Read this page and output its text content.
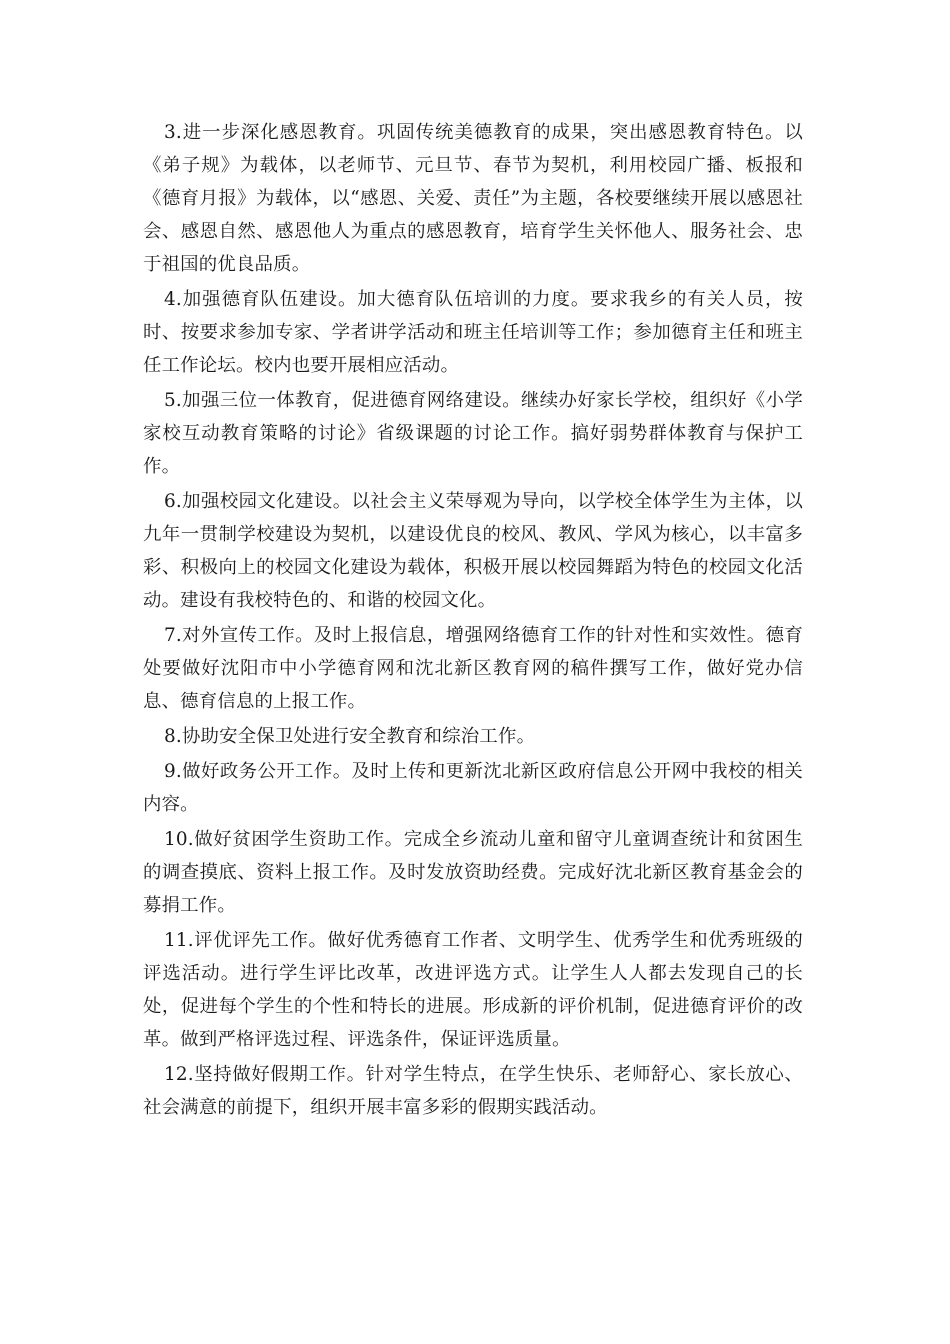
3.进一步深化感恩教育。巩固传统美德教育的成果，突出感恩教育特色。以《弟子规》为载体，以老师节、元旦节、春节为契机，利用校园广播、板报和《德育月报》为载体，以“感恩、关爱、责任”为主题，各校要继续开展以感恩社会、感恩自然、感恩他人为重点的感恩教育，培育学生关怀他人、服务社会、忠于祖国的优良品质。

4.加强德育队伍建设。加大德育队伍培训的力度。要求我乡的有关人员，按时、按要求参加专家、学者讲学活动和班主任培训等工作；参加德育主任和班主任工作论坛。校内也要开展相应活动。

5.加强三位一体教育，促进德育网络建设。继续办好家长学校，组织好《小学家校互动教育策略的讨论》省级课题的讨论工作。搞好弱势群体教育与保护工作。

6.加强校园文化建设。以社会主义荣辱观为导向，以学校全体学生为主体，以九年一贯制学校建设为契机，以建设优良的校风、教风、学风为核心，以丰富多彩、积极向上的校园文化建设为载体，积极开展以校园舞蹈为特色的校园文化活动。建设有我校特色的、和谐的校园文化。

7.对外宣传工作。及时上报信息，增强网络德育工作的针对性和实效性。德育处要做好沈阳市中小学德育网和沈北新区教育网的稿件撰写工作，做好党办信息、德育信息的上报工作。

8.协助安全保卫处进行安全教育和综治工作。

9.做好政务公开工作。及时上传和更新沈北新区政府信息公开网中我校的相关内容。

10.做好贫困学生资助工作。完成全乡流动儿童和留守儿童调查统计和贫困生的调查摸底、资料上报工作。及时发放资助经费。完成好沈北新区教育基金会的募捐工作。

11.评优评先工作。做好优秀德育工作者、文明学生、优秀学生和优秀班级的评选活动。进行学生评比改革，改进评选方式。让学生人人都去发现自己的长处，促进每个学生的个性和特长的进展。形成新的评价机制，促进德育评价的改革。做到严格评选过程、评选条件，保证评选质量。

12.坚持做好假期工作。针对学生特点，在学生快乐、老师舒心、家长放心、社会满意的前提下，组织开展丰富多彩的假期实践活动。
